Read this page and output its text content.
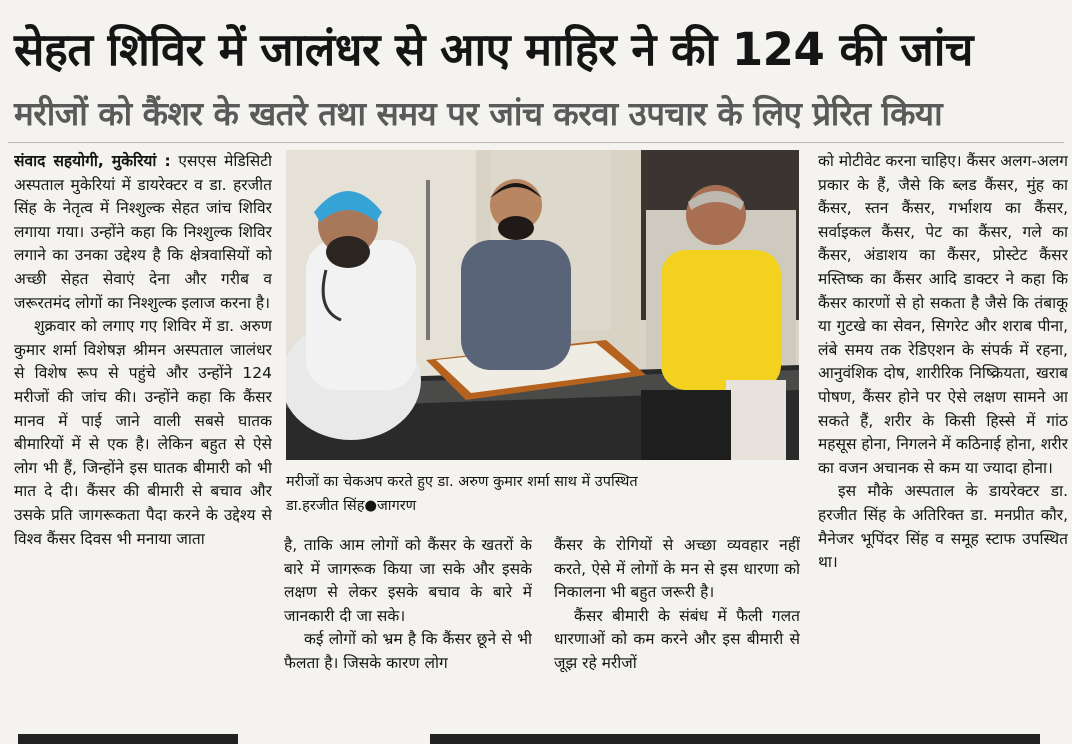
सेहत शिविर में जालंधर से आए माहिर ने की 124 की जांच
मरीजों को कैंशर के खतरे तथा समय पर जांच करवा उपचार के लिए प्रेरित किया

संवाद सहयोगी, मुकेरियां : एसएस मेडिसिटी अस्पताल मुकेरियां में डायरेक्टर व डा. हरजीत सिंह के नेतृत्व में निश्शुल्क सेहत जांच शिविर लगाया गया। उन्होंने कहा कि निश्शुल्क शिविर लगाने का उनका उद्देश्य है कि क्षेत्रवासियों को अच्छी सेहत सेवाएं देना और गरीब व जरूरतमंद लोगों का निश्शुल्क इलाज करना है।

शुक्रवार को लगाए गए शिविर में डा. अरुण कुमार शर्मा विशेषज्ञ श्रीमन अस्पताल जालंधर से विशेष रूप से पहुंचे और उन्होंने 124 मरीजों की जांच की। उन्होंने कहा कि कैंसर मानव में पाई जाने वाली सबसे घातक बीमारियों में से एक है। लेकिन बहुत से ऐसे लोग भी हैं, जिन्होंने इस घातक बीमारी को भी मात दे दी। कैंसर की बीमारी से बचाव और उसके प्रति जागरूकता पैदा करने के उद्देश्य से विश्व कैंसर दिवस भी मनाया जाता

मरीजों का चेकअप करते हुए डा. अरुण कुमार शर्मा साथ में उपस्थित
डा.हरजीत सिंह●जागरण

है, ताकि आम लोगों को कैंसर के खतरों के बारे में जागरूक किया जा सके और इसके लक्षण से लेकर इसके बचाव के बारे में जानकारी दी जा सके।

कई लोगों को भ्रम है कि कैंसर छूने से भी फैलता है। जिसके कारण लोग

कैंसर के रोगियों से अच्छा व्यवहार नहीं करते, ऐसे में लोगों के मन से इस धारणा को निकालना भी बहुत जरूरी है।

कैंसर बीमारी के संबंध में फैली गलत धारणाओं को कम करने और इस बीमारी से जूझ रहे मरीजों

को मोटीवेट करना चाहिए। कैंसर अलग-अलग प्रकार के हैं, जैसे कि ब्लड कैंसर, मुंह का कैंसर, स्तन कैंसर, गर्भाशय का कैंसर, सर्वाइकल कैंसर, पेट का कैंसर, गले का कैंसर, अंडाशय का कैंसर, प्रोस्टेट कैंसर मस्तिष्क का कैंसर आदि डाक्टर ने कहा कि कैंसर कारणों से हो सकता है जैसे कि तंबाकू या गुटखे का सेवन, सिगरेट और शराब पीना, लंबे समय तक रेडिएशन के संपर्क में रहना, आनुवंशिक दोष, शारीरिक निष्क्रियता, खराब पोषण, कैंसर होने पर ऐसे लक्षण सामने आ सकते हैं, शरीर के किसी हिस्से में गांठ महसूस होना, निगलने में कठिनाई होना, शरीर का वजन अचानक से कम या ज्यादा होना।

इस मौके अस्पताल के डायरेक्टर डा. हरजीत सिंह के अतिरिक्त डा. मनप्रीत कौर, मैनेजर भूपिंदर सिंह व समूह स्टाफ उपस्थित था।
